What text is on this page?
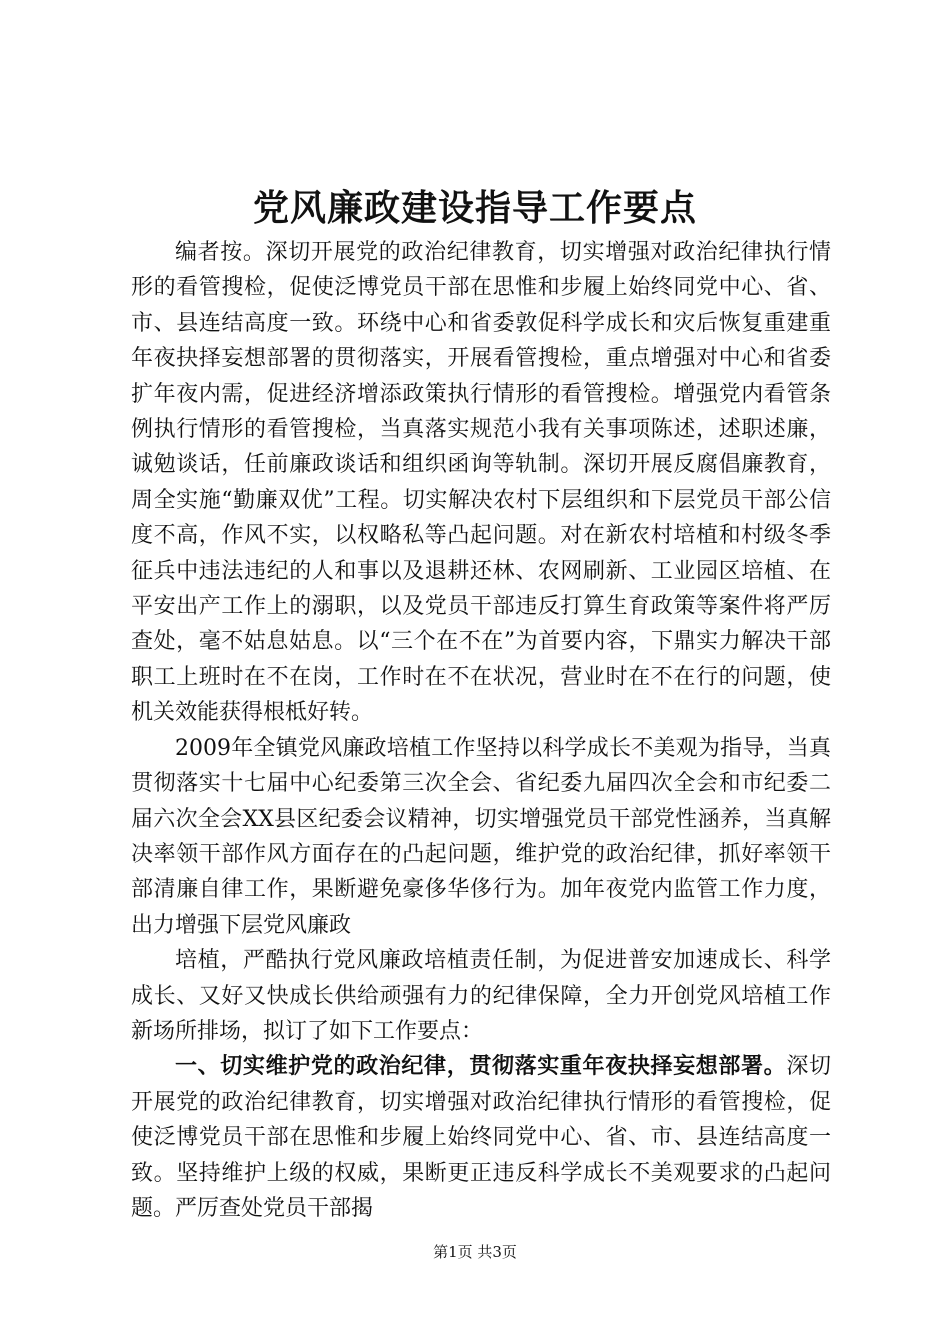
党风廉政建设指导工作要点

编者按。深切开展党的政治纪律教育，切实增强对政治纪律执行情形的看管搜检，促使泛博党员干部在思惟和步履上始终同党中心、省、市、县连结高度一致。环绕中心和省委敦促科学成长和灾后恢复重建重年夜抉择妄想部署的贯彻落实，开展看管搜检，重点增强对中心和省委扩年夜内需，促进经济增添政策执行情形的看管搜检。增强党内看管条例执行情形的看管搜检，当真落实规范小我有关事项陈述，述职述廉，诚勉谈话，任前廉政谈话和组织函询等轨制。深切开展反腐倡廉教育，周全实施“勤廉双优”工程。切实解决农村下层组织和下层党员干部公信度不高，作风不实，以权略私等凸起问题。对在新农村培植和村级冬季征兵中违法违纪的人和事以及退耕还林、农网刷新、工业园区培植、在平安出产工作上的溺职，以及党员干部违反打算生育政策等案件将严厉查处，毫不姑息姑息。以“三个在不在”为首要内容，下鼎实力解决干部职工上班时在不在岗，工作时在不在状况，营业时在不在行的问题，使机关效能获得根柢好转。

2009年全镇党风廉政培植工作坚持以科学成长不美观为指导，当真贯彻落实十七届中心纪委第三次全会、省纪委九届四次全会和市纪委二届六次全会XX县区纪委会议精神，切实增强党员干部党性涵养，当真解决率领干部作风方面存在的凸起问题，维护党的政治纪律，抓好率领干部清廉自律工作，果断避免豪侈华侈行为。加年夜党内监管工作力度，出力增强下层党风廉政

培植，严酷执行党风廉政培植责任制，为促进普安加速成长、科学成长、又好又快成长供给顽强有力的纪律保障，全力开创党风培植工作新场所排场，拟订了如下工作要点：

一、切实维护党的政治纪律，贯彻落实重年夜抉择妄想部署。深切开展党的政治纪律教育，切实增强对政治纪律执行情形的看管搜检，促使泛博党员干部在思惟和步履上始终同党中心、省、市、县连结高度一致。坚持维护上级的权威，果断更正违反科学成长不美观要求的凸起问题。严厉查处党员干部揭

第1页 共3页
